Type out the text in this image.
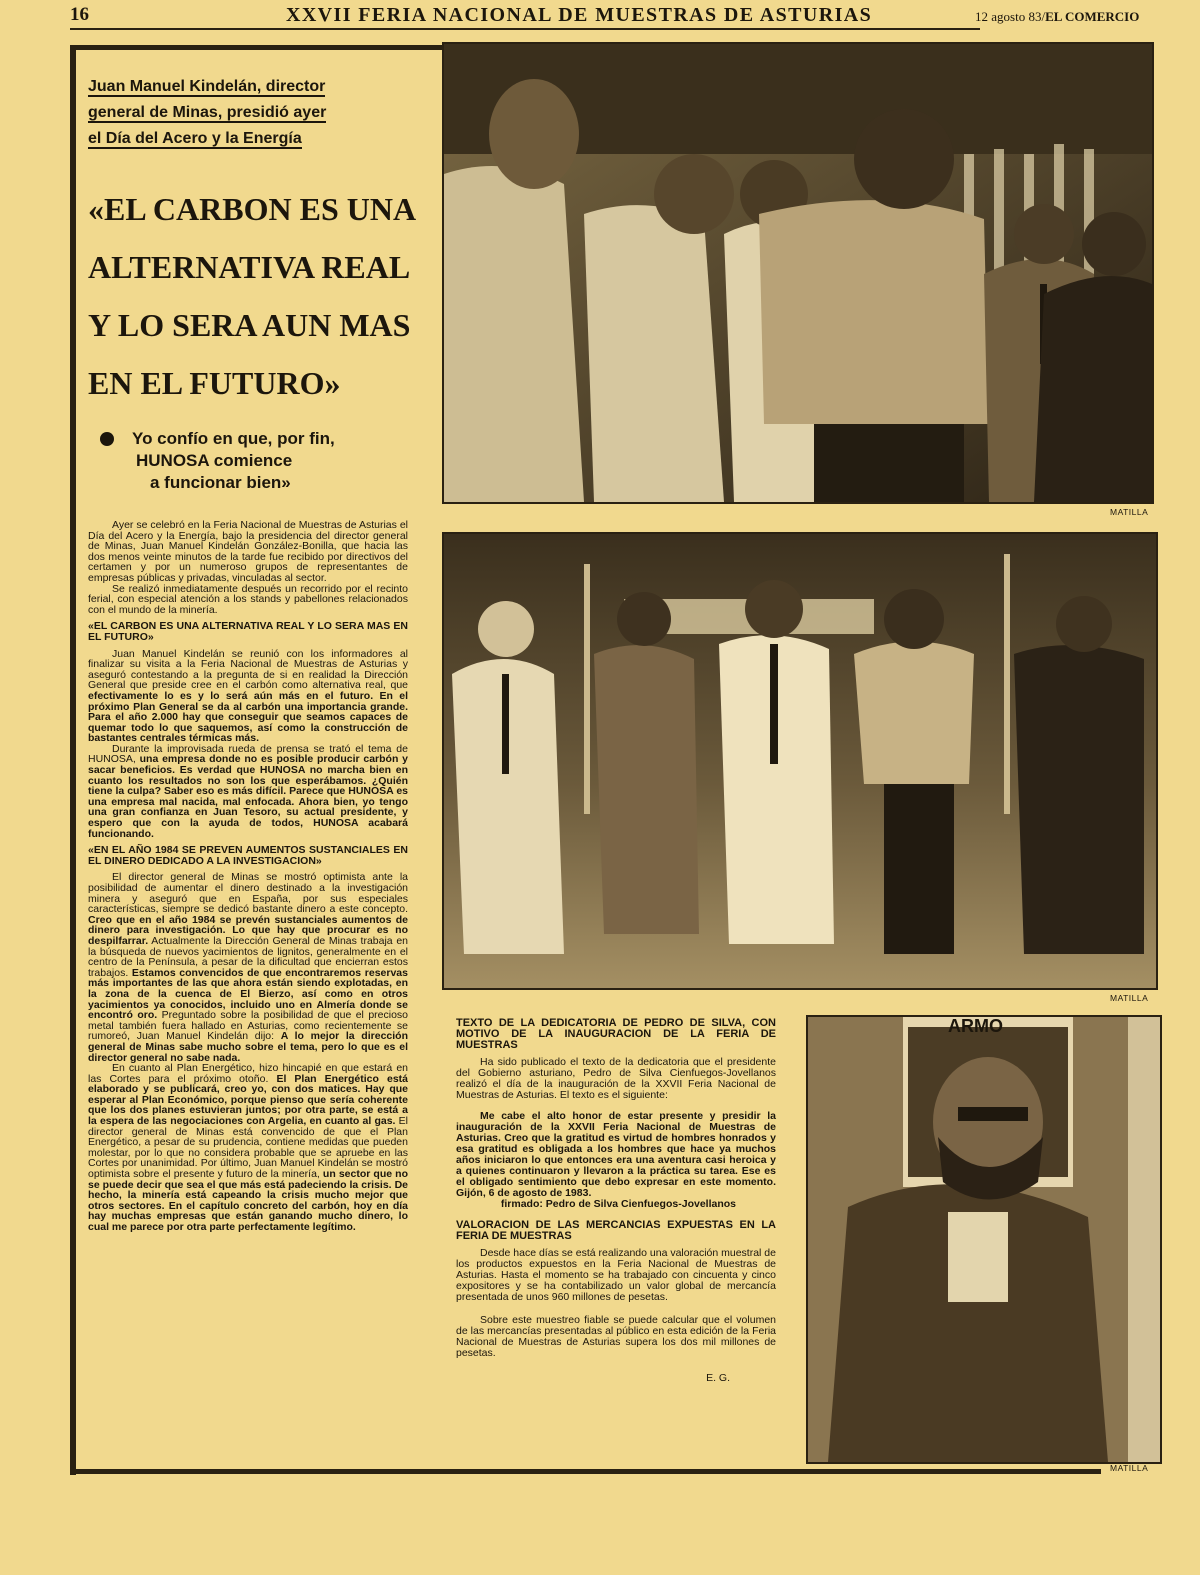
16	XXVII FERIA NACIONAL DE MUESTRAS DE ASTURIAS	12 agosto 83/EL COMERCIO
Juan Manuel Kindelán, director
general de Minas, presidió ayer
el Día del Acero y la Energía
«EL CARBON ES UNA
ALTERNATIVA REAL
Y LO SERA AUN MAS
EN EL FUTURO»
Yo confío en que, por fin,
HUNOSA comience
a funcionar bien»

Ayer se celebró en la Feria Nacional de Muestras de Asturias el Día del Acero y la Energía, bajo la presidencia del director general de Minas, Juan Manuel Kindelán González-Bonilla, que hacia las dos menos veinte minutos de la tarde fue recibido por directivos del certamen y por un numeroso grupos de representantes de empresas públicas y privadas, vinculadas al sector.

Se realizó inmediatamente después un recorrido por el recinto ferial, con especial atención a los stands y pabellones relacionados con el mundo de la minería.

«EL CARBON ES UNA ALTERNATIVA REAL Y LO SERA MAS EN EL FUTURO»

Juan Manuel Kindelán se reunió con los informadores al finalizar su visita a la Feria Nacional de Muestras de Asturias y aseguró contestando a la pregunta de si en realidad la Dirección General que preside cree en el carbón como alternativa real, que efectivamente lo es y lo será aún más en el futuro. En el próximo Plan General se da al carbón una importancia grande. Para el año 2.000 hay que conseguir que seamos capaces de quemar todo lo que saquemos, así como la construcción de bastantes centrales térmicas más.

Durante la improvisada rueda de prensa se trató el tema de HUNOSA, una empresa donde no es posible producir carbón y sacar beneficios. Es verdad que HUNOSA no marcha bien en cuanto los resultados no son los que esperábamos. ¿Quién tiene la culpa? Saber eso es más difícil. Parece que HUNOSA es una empresa mal nacida, mal enfocada. Ahora bien, yo tengo una gran confianza en Juan Tesoro, su actual presidente, y espero que con la ayuda de todos, HUNOSA acabará funcionando.

«EN EL AÑO 1984 SE PREVEN AUMENTOS SUSTANCIALES EN EL DINERO DEDICADO A LA INVESTIGACION»

El director general de Minas se mostró optimista ante la posibilidad de aumentar el dinero destinado a la investigación minera y aseguró que en España, por sus especiales características, siempre se dedicó bastante dinero a este concepto. Creo que en el año 1984 se prevén sustanciales aumentos de dinero para investigación. Lo que hay que procurar es no despilfarrar. Actualmente la Dirección General de Minas trabaja en la búsqueda de nuevos yacimientos de lignitos, generalmente en el centro de la Península, a pesar de la dificultad que encierran estos trabajos. Estamos convencidos de que encontraremos reservas más importantes de las que ahora están siendo explotadas, en la zona de la cuenca de El Bierzo, así como en otros yacimientos ya conocidos, incluido uno en Almería donde se encontró oro. Preguntado sobre la posibilidad de que el precioso metal también fuera hallado en Asturias, como recientemente se rumoreó, Juan Manuel Kindelán dijo: A lo mejor la dirección general de Minas sabe mucho sobre el tema, pero lo que es el director general no sabe nada.

En cuanto al Plan Energético, hizo hincapié en que estará en las Cortes para el próximo otoño. El Plan Energético está elaborado y se publicará, creo yo, con dos matices. Hay que esperar al Plan Económico, porque pienso que sería coherente que los dos planes estuvieran juntos; por otra parte, se está a la espera de las negociaciones con Argelia, en cuanto al gas. El director general de Minas está convencido de que el Plan Energético, a pesar de su prudencia, contiene medidas que pueden molestar, por lo que no considera probable que se apruebe en las Cortes por unanimidad. Por último, Juan Manuel Kindelán se mostró optimista sobre el presente y futuro de la minería, un sector que no se puede decir que sea el que más está padeciendo la crisis. De hecho, la minería está capeando la crisis mucho mejor que otros sectores. En el capítulo concreto del carbón, hoy en día hay muchas empresas que están ganando mucho dinero, lo cual me parece por otra parte perfectamente legítimo.

MATILLA
MATILLA
ARMO
MATILLA
TEXTO DE LA DEDICATORIA DE PEDRO DE SILVA, CON MOTIVO DE LA INAUGURACION DE LA FERIA DE MUESTRAS

Ha sido publicado el texto de la dedicatoria que el presidente del Gobierno asturiano, Pedro de Silva Cienfuegos-Jovellanos realizó el día de la inauguración de la XXVII Feria Nacional de Muestras de Asturias. El texto es el siguiente:

Me cabe el alto honor de estar presente y presidir la inauguración de la XXVII Feria Nacional de Muestras de Asturias. Creo que la gratitud es virtud de hombres honrados y esa gratitud es obligada a los hombres que hace ya muchos años iniciaron lo que entonces era una aventura casi heroica y a quienes continuaron y llevaron a la práctica su tarea. Ese es el obligado sentimiento que debo expresar en este momento. Gijón, 6 de agosto de 1983.

firmado: Pedro de Silva Cienfuegos-Jovellanos

VALORACION DE LAS MERCANCIAS EXPUESTAS EN LA FERIA DE MUESTRAS

Desde hace días se está realizando una valoración muestral de los productos expuestos en la Feria Nacional de Muestras de Asturias. Hasta el momento se ha trabajado con cincuenta y cinco expositores y se ha contabilizado un valor global de mercancía presentada de unos 960 millones de pesetas.

Sobre este muestreo fiable se puede calcular que el volumen de las mercancías presentadas al público en esta edición de la Feria Nacional de Muestras de Asturias supera los dos mil millones de pesetas.

E. G.
